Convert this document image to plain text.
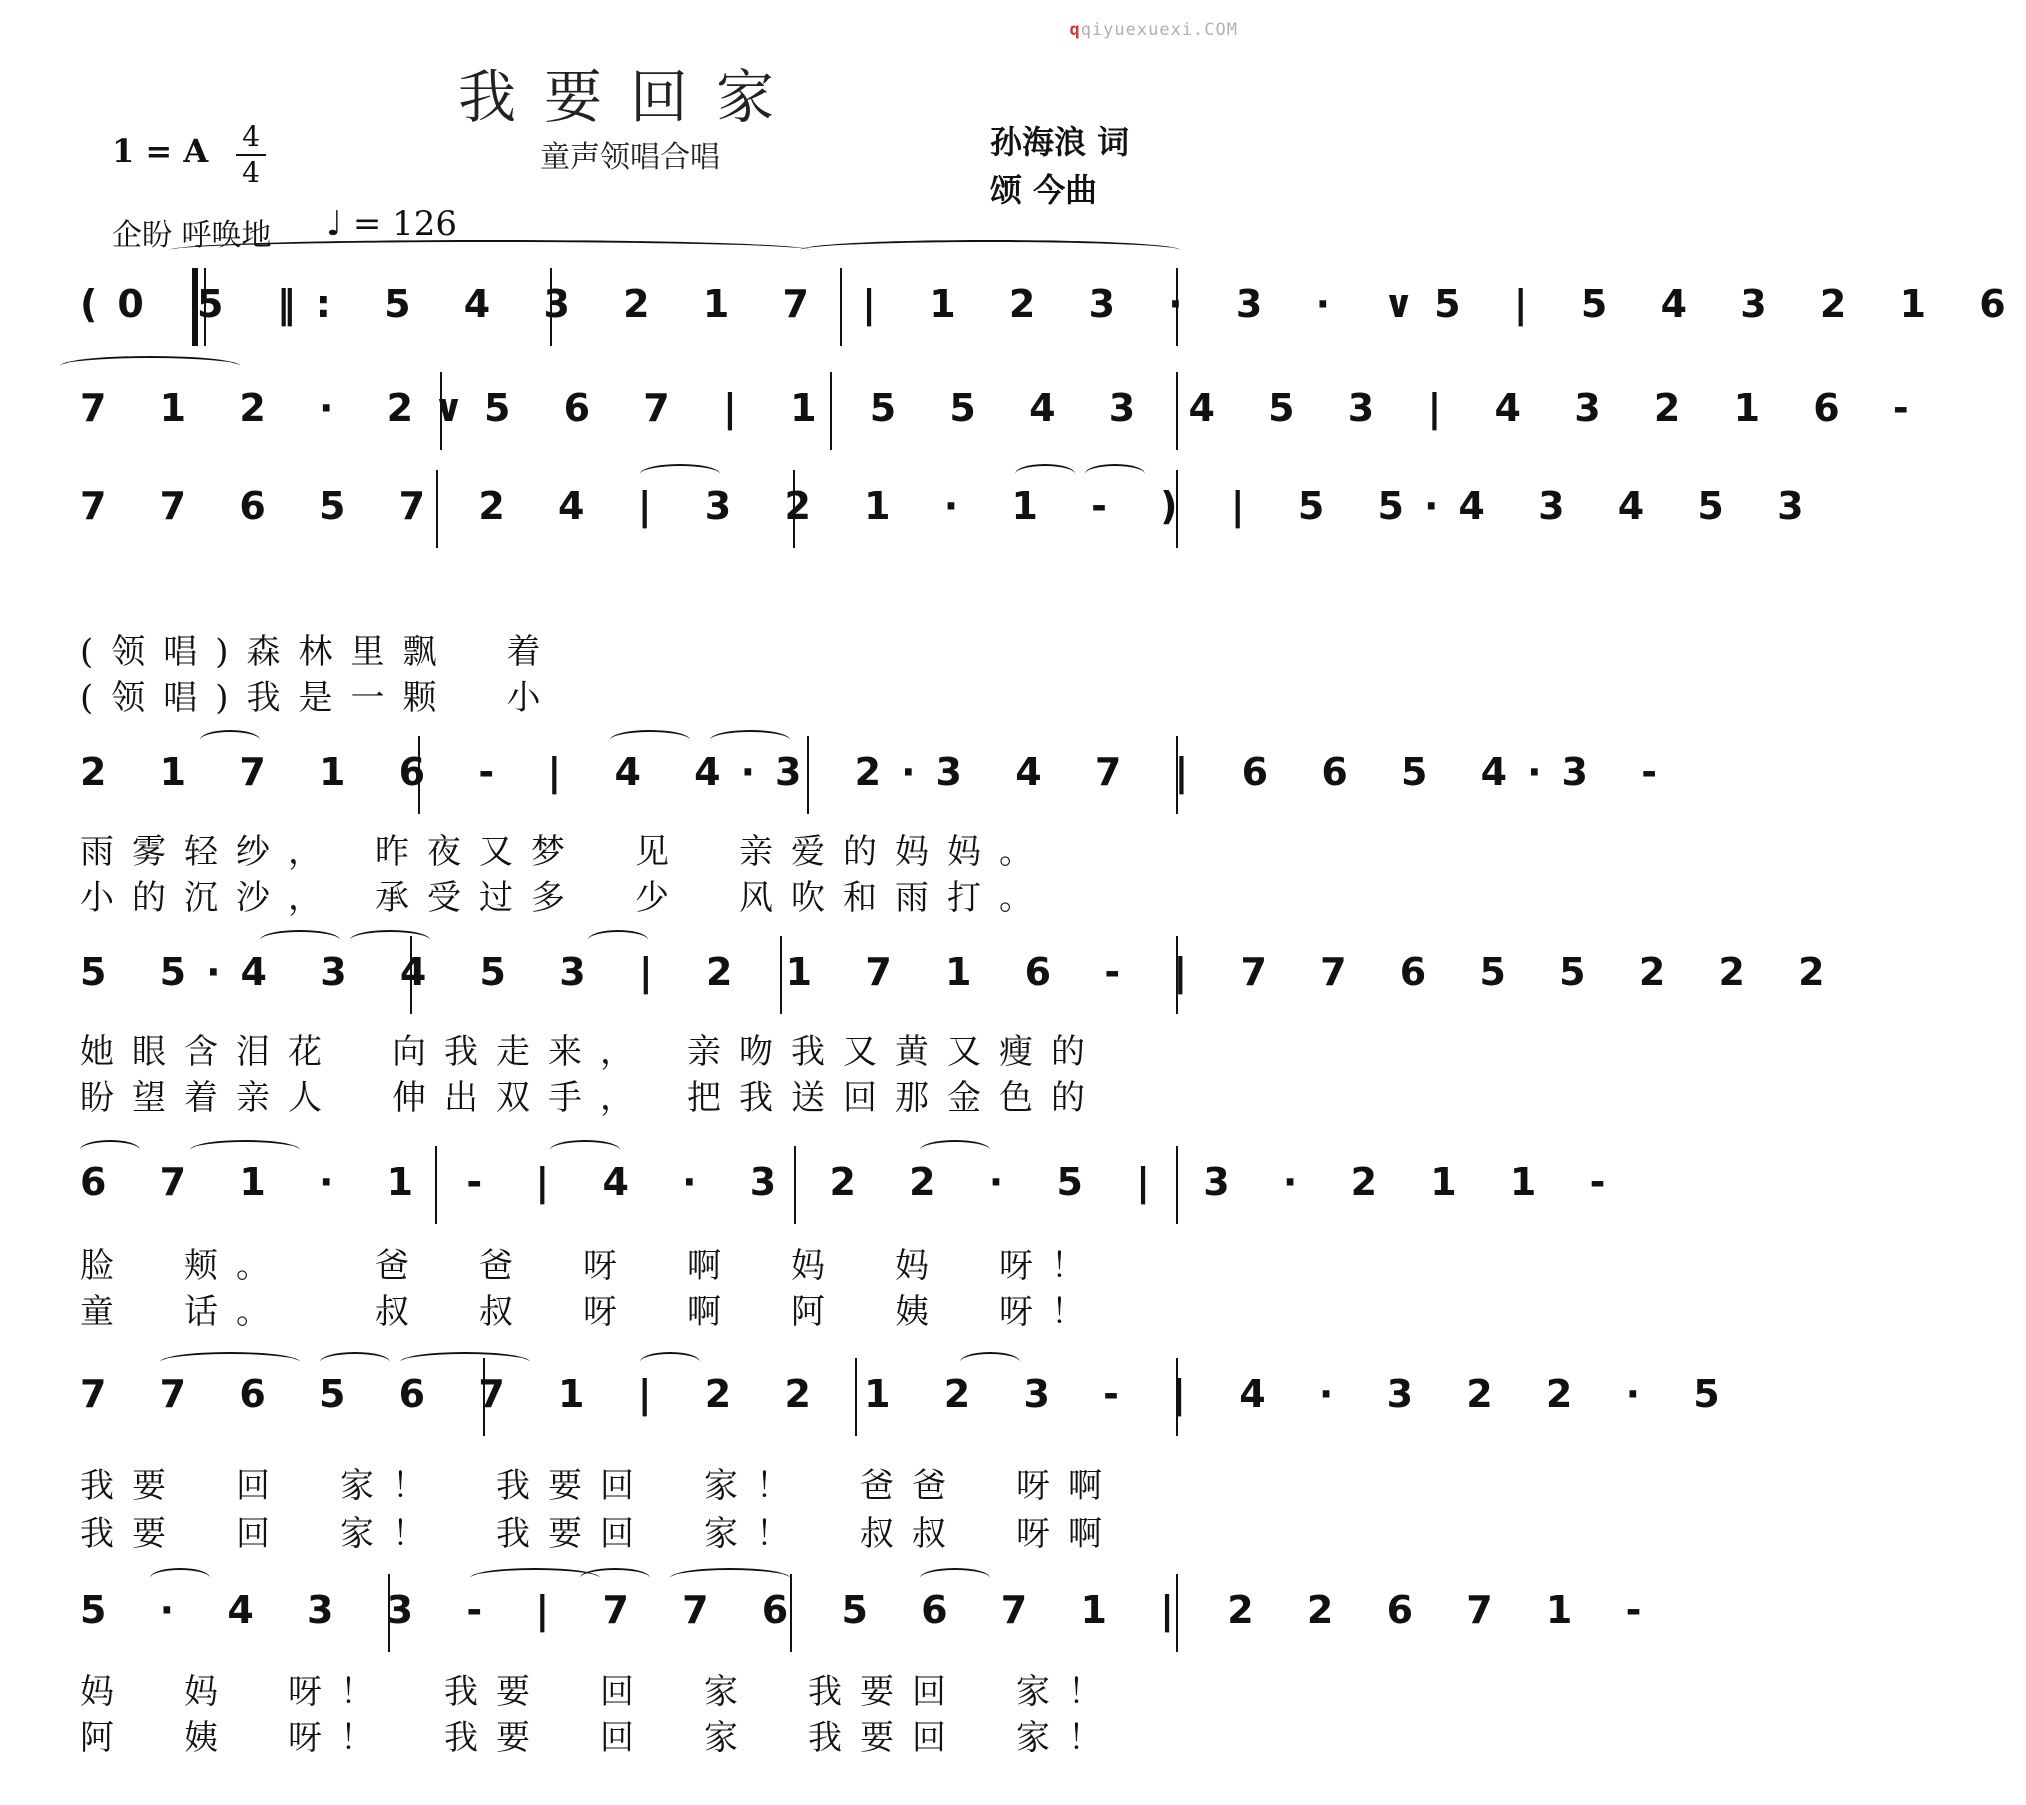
qqiyuexuexi.COM
我要回家
童声领唱合唱
1 = A 4
4
孙海浪 词
颂 今曲
企盼 呼唤地 ♩ = 126
(0 5 ‖: 5 4 3 2 1 7 | 1 2 3 · 3 · ∨5 | 5 4 3 2 1 6
7 1 2 · 2∨5 6 7 | 1 5 5 4 3 4 5 3 | 4 3 2 1 6 -
7 7 6 5 7 2 4 | 3 2 1 · 1 - ) | 5 5·4 3 4 5 3
(领唱)森林里飘　着
(领唱)我是一颗　小
2 1 7 1 6 - | 4 4·3 2·3 4 7 | 6 6 5 4·3 -
雨雾轻纱，　昨夜又梦　见　亲爱的妈妈。
小的沉沙，　承受过多　少　风吹和雨打。
5 5·4 3 4 5 3 | 2 1 7 1 6 - | 7 7 6 5 5 2 2 2
她眼含泪花　向我走来，　亲吻我又黄又瘦的
盼望着亲人　伸出双手，　把我送回那金色的
6 7 1 · 1 - | 4 · 3 2 2 · 5 | 3 · 2 1 1 -
脸　颊。　　爸　爸　呀　啊　妈　妈　呀！
童　话。　　叔　叔　呀　啊　阿　姨　呀！
7 7 6 5 6 7 1 | 2 2 1 2 3 - | 4 · 3 2 2 · 5
我要　回　家！　我要回　家！　爸爸　呀啊
我要　回　家！　我要回　家！　叔叔　呀啊
5 · 4 3 3 - | 7 7 6 5 6 7 1 | 2 2 6 7 1 -
妈　妈　呀！　我要　回　家　我要回　家！
阿　姨　呀！　我要　回　家　我要回　家！
